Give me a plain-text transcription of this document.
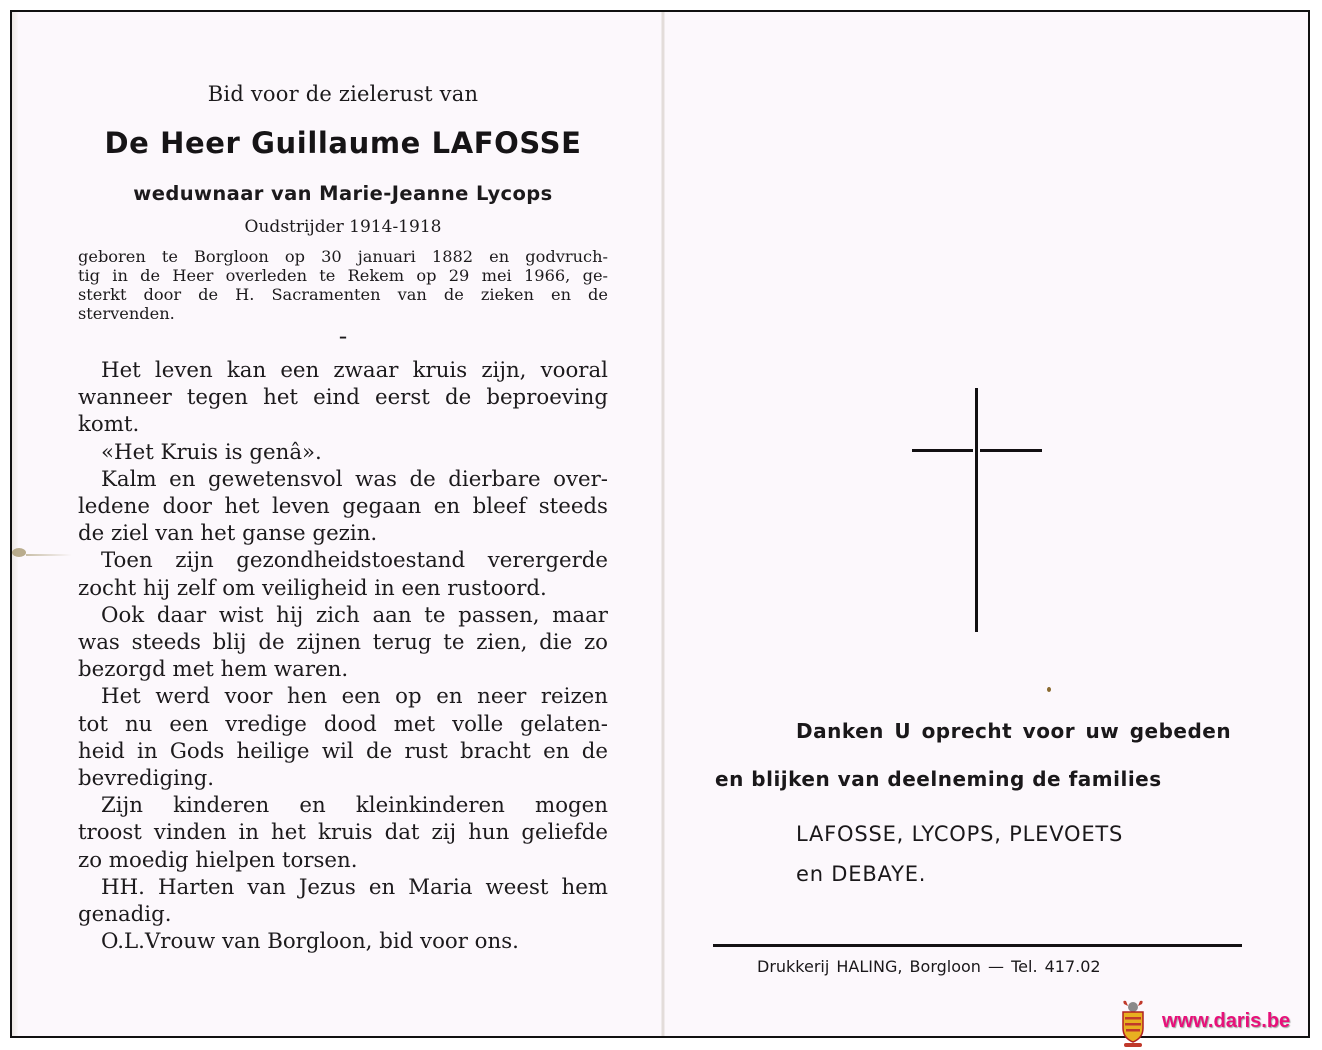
Bid voor de zielerust van
De Heer Guillaume LAFOSSE
weduwnaar van Marie-Jeanne Lycops
Oudstrijder 1914-1918
geboren te Borgloon op 30 januari 1882 en godvruch-
tig in de Heer overleden te Rekem op 29 mei 1966, ge-
sterkt door de H. Sacramenten van de zieken en de
stervenden.
–
Het leven kan een zwaar kruis zijn, vooral
wanneer tegen het eind eerst de beproeving
komt.
«Het Kruis is genâ».
Kalm en gewetensvol was de dierbare over-
ledene door het leven gegaan en bleef steeds
de ziel van het ganse gezin.
Toen zijn gezondheidstoestand verergerde
zocht hij zelf om veiligheid in een rustoord.
Ook daar wist hij zich aan te passen, maar
was steeds blij de zijnen terug te zien, die zo
bezorgd met hem waren.
Het werd voor hen een op en neer reizen
tot nu een vredige dood met volle gelaten-
heid in Gods heilige wil de rust bracht en de
bevrediging.
Zijn kinderen en kleinkinderen mogen
troost vinden in het kruis dat zij hun geliefde
zo moedig hielpen torsen.
HH. Harten van Jezus en Maria weest hem
genadig.
O.L.Vrouw van Borgloon, bid voor ons.
Danken U oprecht voor uw gebeden
en blijken van deelneming de families
LAFOSSE, LYCOPS, PLEVOETS
en DEBAYE.
Drukkerij HALING, Borgloon — Tel. 417.02
www.daris.be
